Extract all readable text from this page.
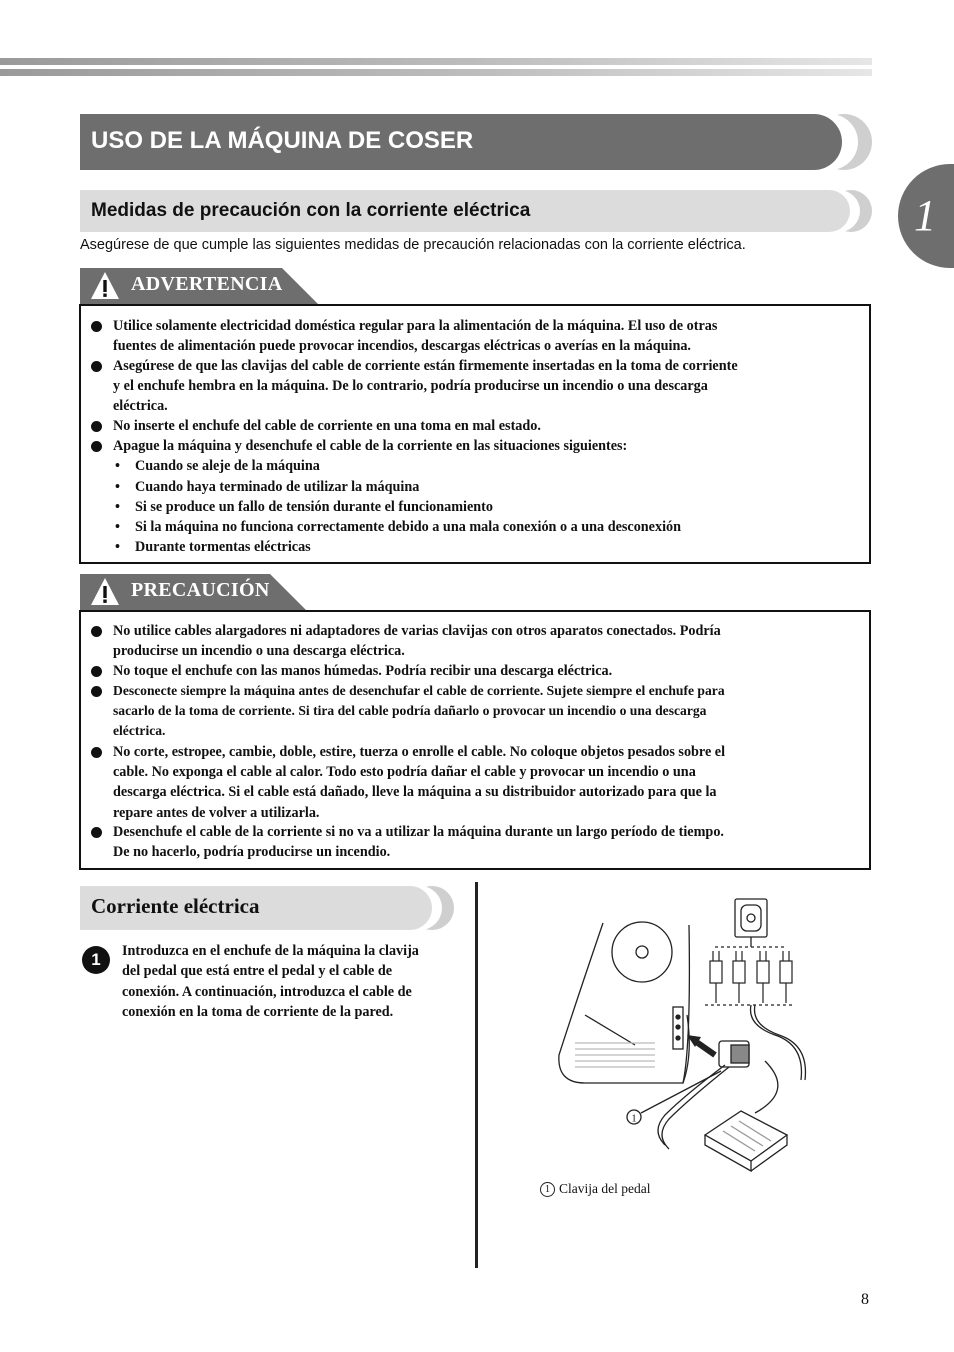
1
USO DE LA MÁQUINA DE COSER
Medidas de precaución con la corriente eléctrica
Asegúrese de que cumple las siguientes medidas de precaución relacionadas con la corriente eléctrica.
ADVERTENCIA
Utilice solamente electricidad doméstica regular para la alimentación de la máquina. El uso de otras
fuentes de alimentación puede provocar incendios, descargas eléctricas o averías en la máquina.
Asegúrese de que las clavijas del cable de corriente están firmemente insertadas en la toma de corriente
y el enchufe hembra en la máquina. De lo contrario, podría producirse un incendio o una descarga
eléctrica.
No inserte el enchufe del cable de corriente en una toma en mal estado.
Apague la máquina y desenchufe el cable de la corriente en las situaciones siguientes:
• Cuando se aleje de la máquina
• Cuando haya terminado de utilizar la máquina
• Si se produce un fallo de tensión durante el funcionamiento
• Si la máquina no funciona correctamente debido a una mala conexión o a una desconexión
• Durante tormentas eléctricas
PRECAUCIÓN
No utilice cables alargadores ni adaptadores de varias clavijas con otros aparatos conectados. Podría
producirse un incendio o una descarga eléctrica.
No toque el enchufe con las manos húmedas. Podría recibir una descarga eléctrica.
Desconecte siempre la máquina antes de desenchufar el cable de corriente. Sujete siempre el enchufe para
sacarlo de la toma de corriente. Si tira del cable podría dañarlo o provocar un incendio o una descarga
eléctrica.
No corte, estropee, cambie, doble, estire, tuerza o enrolle el cable. No coloque objetos pesados sobre el
cable. No exponga el cable al calor. Todo esto podría dañar el cable y provocar un incendio o una
descarga eléctrica. Si el cable está dañado, lleve la máquina a su distribuidor autorizado para que la
repare antes de volver a utilizarla.
Desenchufe el cable de la corriente si no va a utilizar la máquina durante un largo período de tiempo.
De no hacerlo, podría producirse un incendio.
Corriente eléctrica
1	Introduzca en el enchufe de la máquina la clavija
del pedal que está entre el pedal y el cable de
conexión. A continuación, introduzca el cable de
conexión en la toma de corriente de la pared.
1
1 Clavija del pedal
8
